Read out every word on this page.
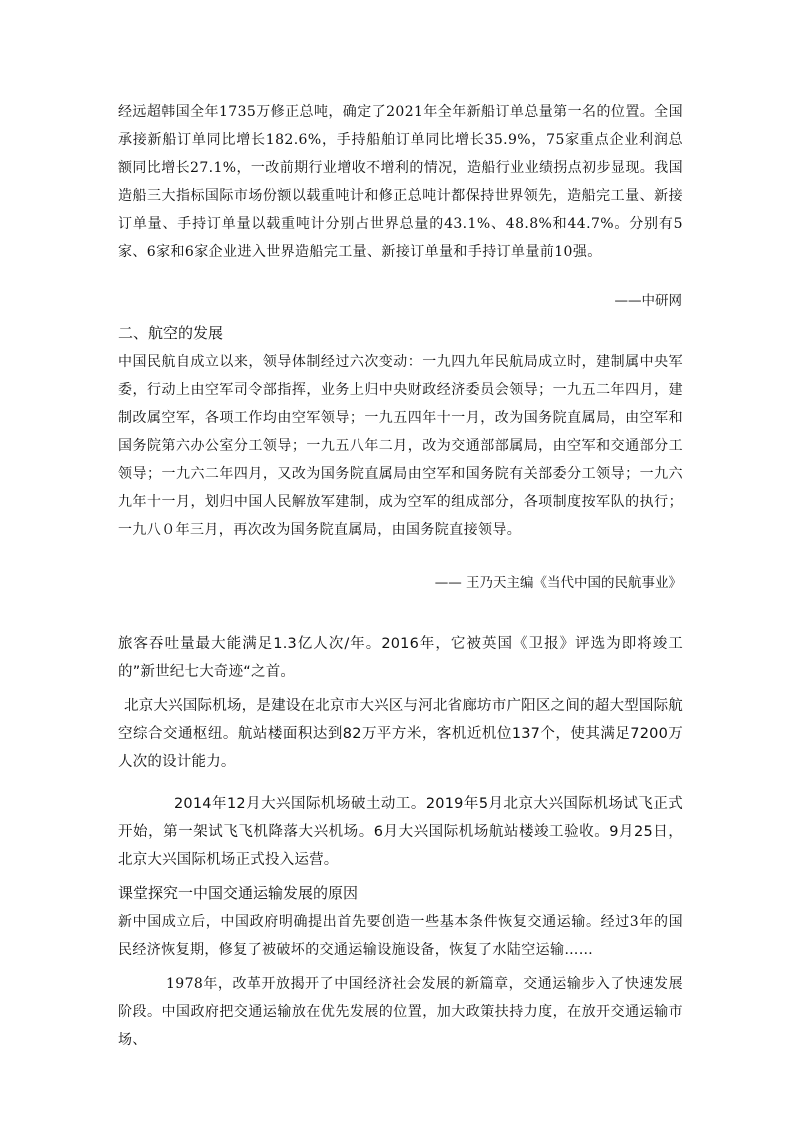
经远超韩国全年1735万修正总吨，确定了2021年全年新船订单总量第一名的位置。全国承接新船订单同比增长182.6%，手持船舶订单同比增长35.9%，75家重点企业利润总额同比增长27.1%，一改前期行业增收不增利的情况，造船行业业绩拐点初步显现。我国造船三大指标国际市场份额以载重吨计和修正总吨计都保持世界领先，造船完工量、新接订单量、手持订单量以载重吨计分别占世界总量的43.1%、48.8%和44.7%。分别有5家、6家和6家企业进入世界造船完工量、新接订单量和手持订单量前10强。

——中研网
二、航空的发展

中国民航自成立以来，领导体制经过六次变动：一九四九年民航局成立时，建制属中央军委，行动上由空军司令部指挥，业务上归中央财政经济委员会领导；一九五二年四月，建制改属空军，各项工作均由空军领导；一九五四年十一月，改为国务院直属局，由空军和国务院第六办公室分工领导；一九五八年二月，改为交通部部属局，由空军和交通部分工领导；一九六二年四月，又改为国务院直属局由空军和国务院有关部委分工领导；一九六九年十一月，划归中国人民解放军建制，成为空军的组成部分，各项制度按军队的执行；一九八０年三月，再次改为国务院直属局，由国务院直接领导。

—— 王乃天主编《当代中国的民航事业》

旅客吞吐量最大能满足1.3亿人次/年。2016年，它被英国《卫报》评选为即将竣工的”新世纪七大奇迹“之首。

北京大兴国际机场，是建设在北京市大兴区与河北省廊坊市广阳区之间的超大型国际航空综合交通枢纽。航站楼面积达到82万平方米，客机近机位137个，使其满足7200万人次的设计能力。

2014年12月大兴国际机场破土动工。2019年5月北京大兴国际机场试飞正式开始，第一架试飞飞机降落大兴机场。6月大兴国际机场航站楼竣工验收。9月25日，北京大兴国际机场正式投入运营。

课堂探究一中国交通运输发展的原因

新中国成立后，中国政府明确提出首先要创造一些基本条件恢复交通运输。经过3年的国民经济恢复期，修复了被破坏的交通运输设施设备，恢复了水陆空运输……

1978年，改革开放揭开了中国经济社会发展的新篇章，交通运输步入了快速发展阶段。中国政府把交通运输放在优先发展的位置，加大政策扶持力度，在放开交通运输市场、
